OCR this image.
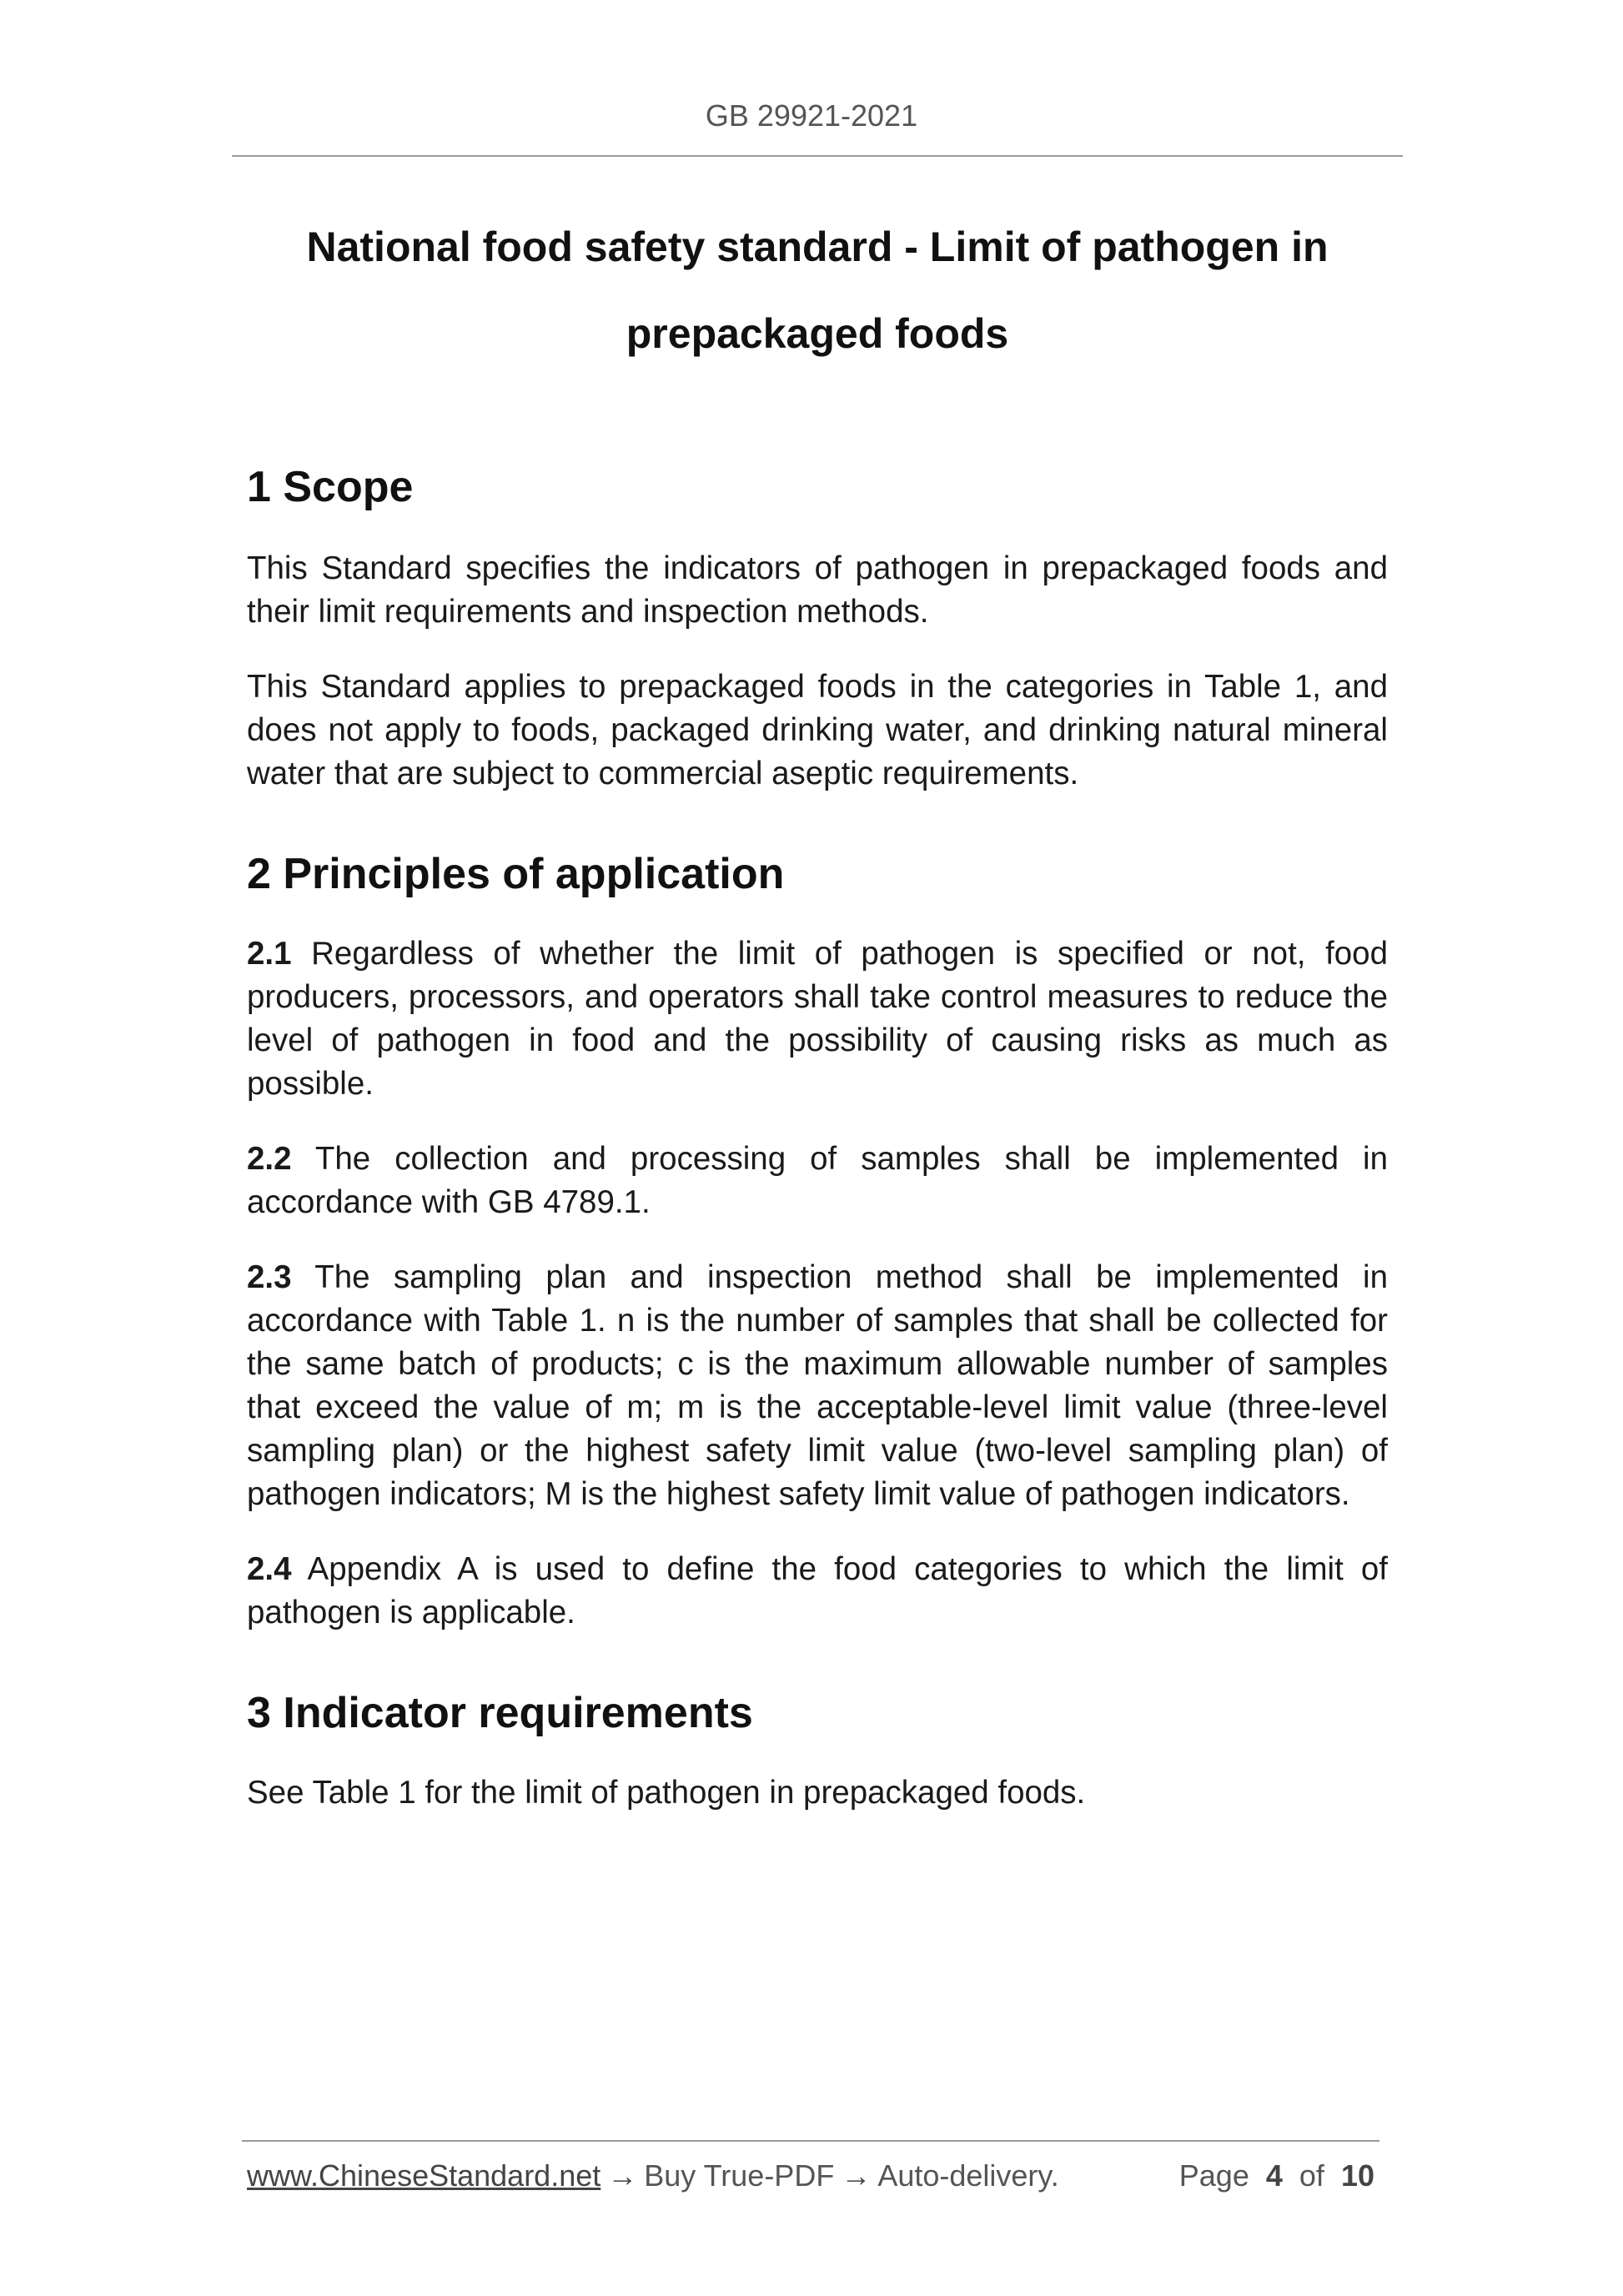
GB 29921-2021
National food safety standard - Limit of pathogen in
prepackaged foods
1 Scope

This Standard specifies the indicators of pathogen in prepackaged foods and their limit requirements and inspection methods.

This Standard applies to prepackaged foods in the categories in Table 1, and does not apply to foods, packaged drinking water, and drinking natural mineral water that are subject to commercial aseptic requirements.

2 Principles of application

2.1 Regardless of whether the limit of pathogen is specified or not, food producers, processors, and operators shall take control measures to reduce the level of pathogen in food and the possibility of causing risks as much as possible.

2.2 The collection and processing of samples shall be implemented in accordance with GB 4789.1.

2.3 The sampling plan and inspection method shall be implemented in accordance with Table 1. n is the number of samples that shall be collected for the same batch of products; c is the maximum allowable number of samples that exceed the value of m; m is the acceptable-level limit value (three-level sampling plan) or the highest safety limit value (two-level sampling plan) of pathogen indicators; M is the highest safety limit value of pathogen indicators.

2.4 Appendix A is used to define the food categories to which the limit of pathogen is applicable.

3 Indicator requirements

See Table 1 for the limit of pathogen in prepackaged foods.

www.ChineseStandard.net → Buy True-PDF → Auto-delivery.	Page 4 of 10
